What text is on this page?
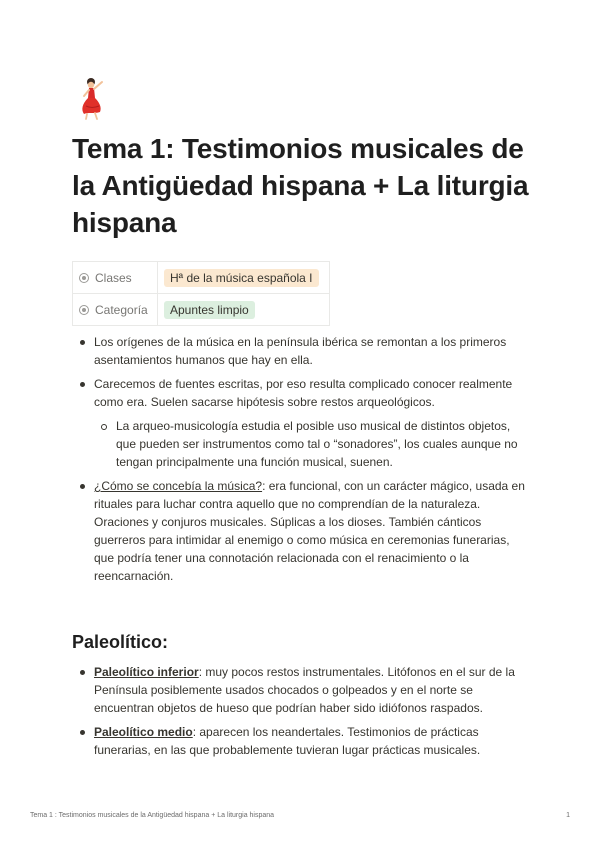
Tema 1: Testimonios musicales de la Antigüedad hispana + La liturgia hispana
Clases	Hª de la música española I
Categoría	Apuntes limpio
Los orígenes de la música en la península ibérica se remontan a los primeros asentamientos humanos que hay en ella.
Carecemos de fuentes escritas, por eso resulta complicado conocer realmente como era. Suelen sacarse hipótesis sobre restos arqueológicos.
La arqueo-musicología estudia el posible uso musical de distintos objetos, que pueden ser instrumentos como tal o “sonadores”, los cuales aunque no tengan principalmente una función musical, suenen.
¿Cómo se concebía la música?: era funcional, con un carácter mágico, usada en rituales para luchar contra aquello que no comprendían de la naturaleza. Oraciones y conjuros musicales. Súplicas a los dioses. También cánticos guerreros para intimidar al enemigo o como música en ceremonias funerarias, que podría tener una connotación relacionada con el renacimiento o la reencarnación.
Paleolítico:
Paleolítico inferior: muy pocos restos instrumentales. Litófonos en el sur de la Península posiblemente usados chocados o golpeados y en el norte se encuentran objetos de hueso que podrían haber sido idiófonos raspados.
Paleolítico medio: aparecen los neandertales. Testimonios de prácticas funerarias, en las que probablemente tuvieran lugar prácticas musicales.
Tema 1 : Testimonios musicales de la Antigüedad hispana + La liturgia hispana	1
